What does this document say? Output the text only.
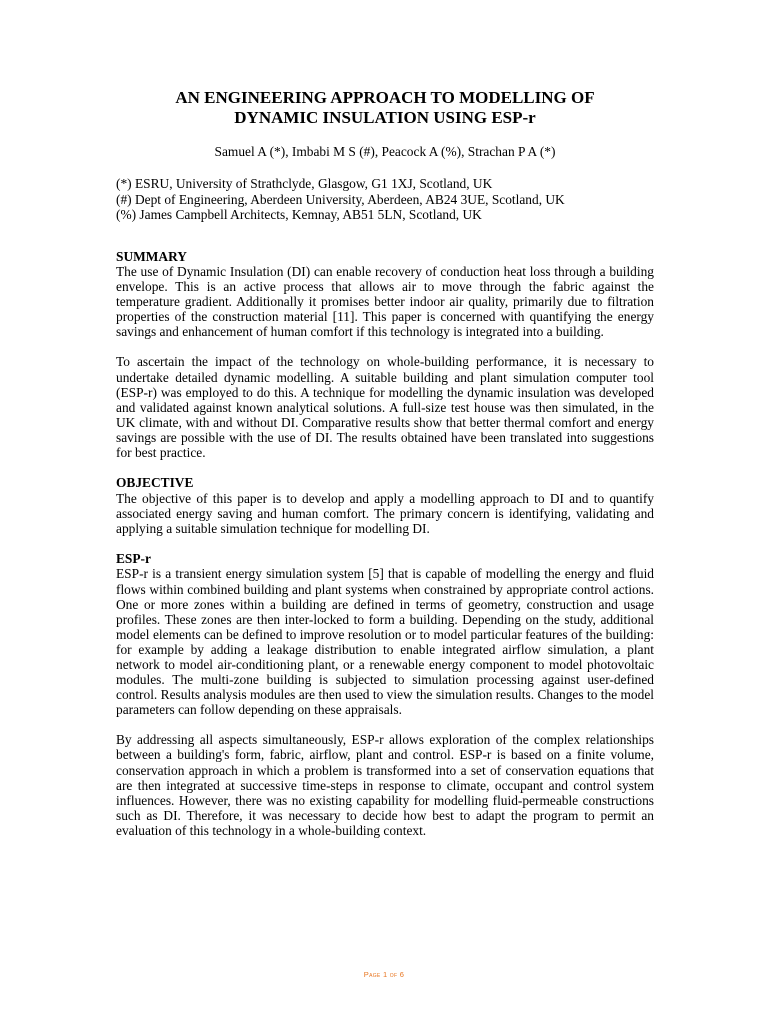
AN ENGINEERING APPROACH TO MODELLING OF
DYNAMIC INSULATION USING ESP-r
Samuel A (*), Imbabi M S (#), Peacock A (%), Strachan P A (*)
(*) ESRU, University of Strathclyde, Glasgow, G1 1XJ, Scotland, UK
(#) Dept of Engineering, Aberdeen University, Aberdeen, AB24 3UE, Scotland, UK
(%) James Campbell Architects, Kemnay, AB51 5LN, Scotland, UK
SUMMARY

The use of Dynamic Insulation (DI) can enable recovery of conduction heat loss through a building envelope. This is an active process that allows air to move through the fabric against the temperature gradient. Additionally it promises better indoor air quality, primarily due to filtration properties of the construction material [11]. This paper is concerned with quantifying the energy savings and enhancement of human comfort if this technology is integrated into a building.

To ascertain the impact of the technology on whole-building performance, it is necessary to undertake detailed dynamic modelling. A suitable building and plant simulation computer tool (ESP-r) was employed to do this. A technique for modelling the dynamic insulation was developed and validated against known analytical solutions. A full-size test house was then simulated, in the UK climate, with and without DI. Comparative results show that better thermal comfort and energy savings are possible with the use of DI. The results obtained have been translated into suggestions for best practice.

OBJECTIVE

The objective of this paper is to develop and apply a modelling approach to DI and to quantify associated energy saving and human comfort. The primary concern is identifying, validating and applying a suitable simulation technique for modelling DI.

ESP-r

ESP-r is a transient energy simulation system [5] that is capable of modelling the energy and fluid flows within combined building and plant systems when constrained by appropriate control actions. One or more zones within a building are defined in terms of geometry, construction and usage profiles. These zones are then inter-locked to form a building. Depending on the study, additional model elements can be defined to improve resolution or to model particular features of the building: for example by adding a leakage distribution to enable integrated airflow simulation, a plant network to model air-conditioning plant, or a renewable energy component to model photovoltaic modules. The multi-zone building is subjected to simulation processing against user-defined control. Results analysis modules are then used to view the simulation results. Changes to the model parameters can follow depending on these appraisals.

By addressing all aspects simultaneously, ESP-r allows exploration of the complex relationships between a building's form, fabric, airflow, plant and control. ESP-r is based on a finite volume, conservation approach in which a problem is transformed into a set of conservation equations that are then integrated at successive time-steps in response to climate, occupant and control system influences. However, there was no existing capability for modelling fluid-permeable constructions such as DI. Therefore, it was necessary to decide how best to adapt the program to permit an evaluation of this technology in a whole-building context.

Page 1 of 6
